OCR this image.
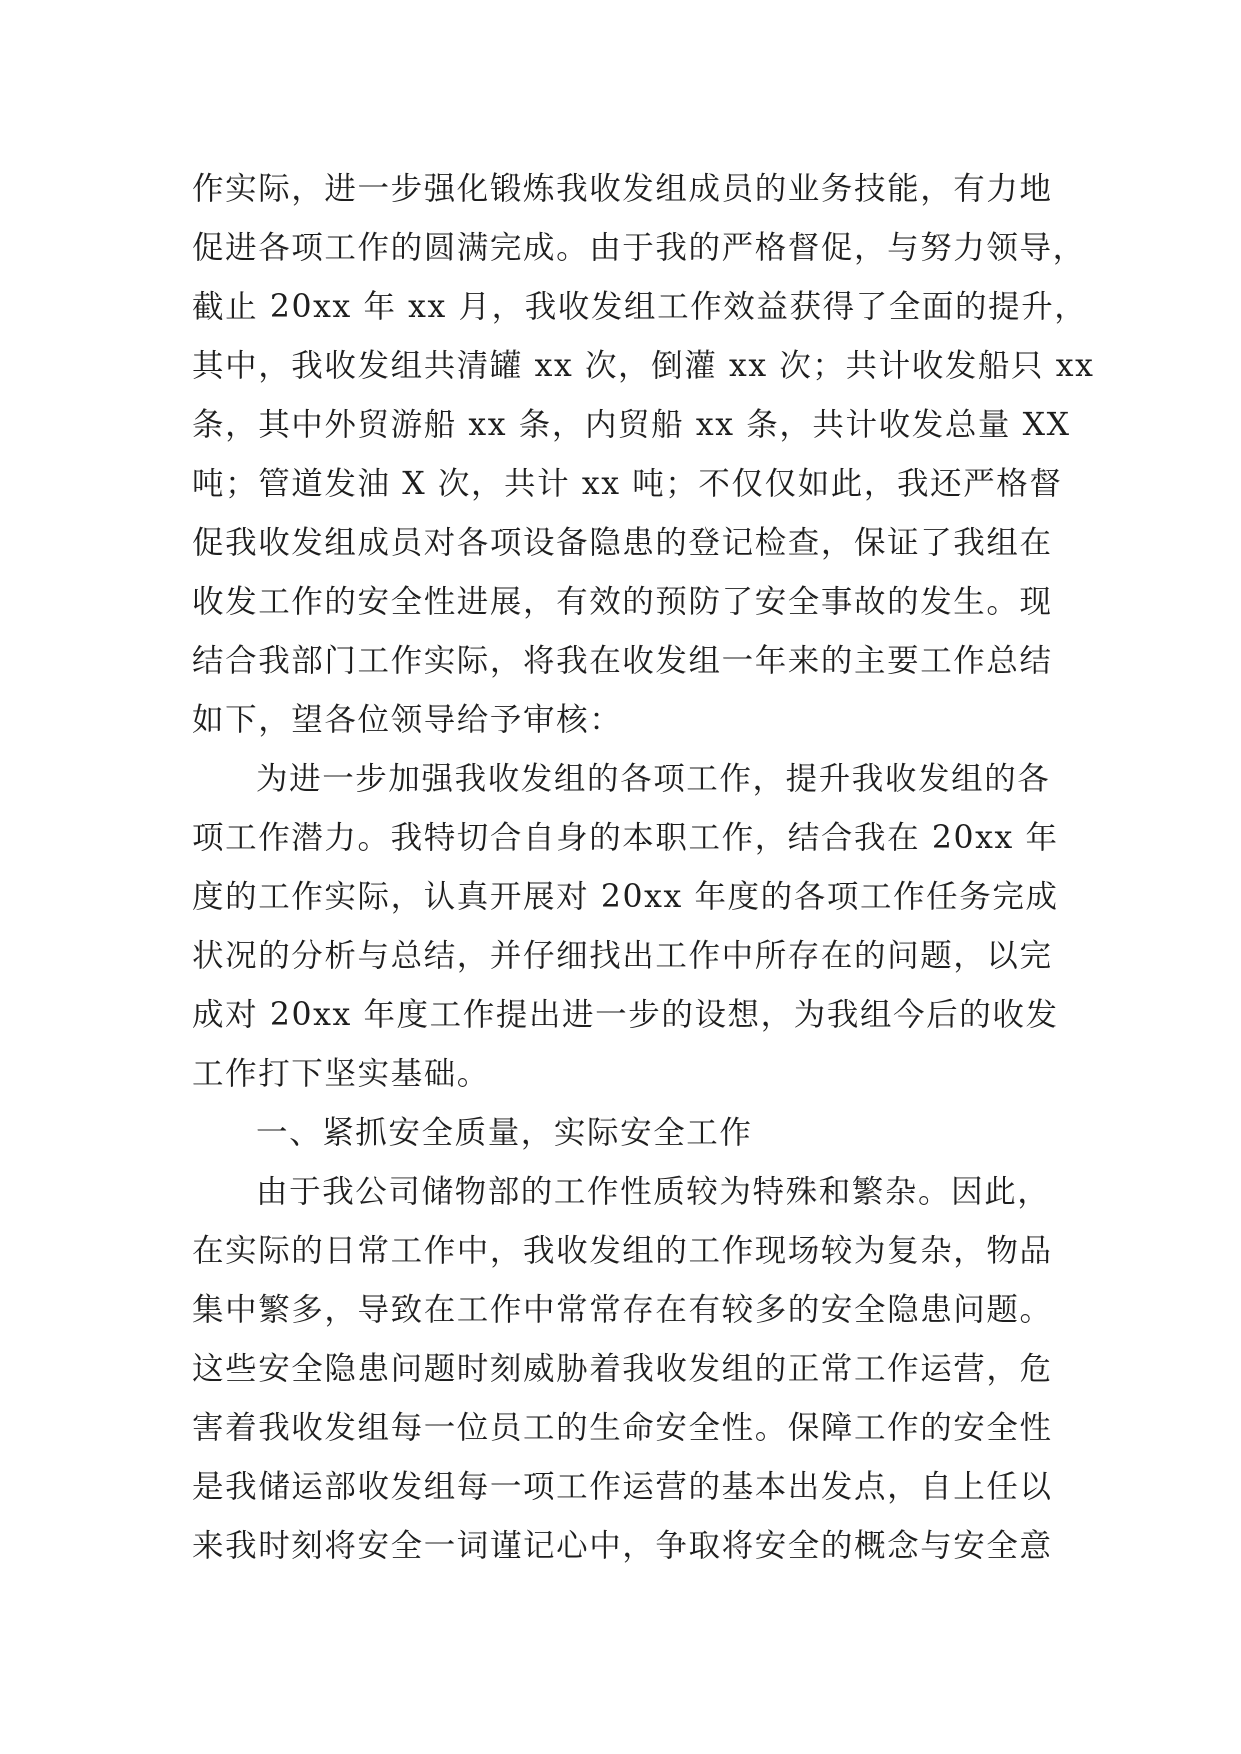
作实际，进一步强化锻炼我收发组成员的业务技能，有力地
促进各项工作的圆满完成。由于我的严格督促，与努力领导，
截止 20xx 年 xx 月，我收发组工作效益获得了全面的提升，
其中，我收发组共清罐 xx 次，倒灌 xx 次；共计收发船只 xx
条，其中外贸游船 xx 条，内贸船 xx 条，共计收发总量 XX
吨；管道发油 X 次，共计 xx 吨；不仅仅如此，我还严格督
促我收发组成员对各项设备隐患的登记检查，保证了我组在
收发工作的安全性进展，有效的预防了安全事故的发生。现
结合我部门工作实际，将我在收发组一年来的主要工作总结
如下，望各位领导给予审核：
为进一步加强我收发组的各项工作，提升我收发组的各
项工作潜力。我特切合自身的本职工作，结合我在 20xx 年
度的工作实际，认真开展对 20xx 年度的各项工作任务完成
状况的分析与总结，并仔细找出工作中所存在的问题，以完
成对 20xx 年度工作提出进一步的设想，为我组今后的收发
工作打下坚实基础。
一、紧抓安全质量，实际安全工作
由于我公司储物部的工作性质较为特殊和繁杂。因此，
在实际的日常工作中，我收发组的工作现场较为复杂，物品
集中繁多，导致在工作中常常存在有较多的安全隐患问题。
这些安全隐患问题时刻威胁着我收发组的正常工作运营，危
害着我收发组每一位员工的生命安全性。保障工作的安全性
是我储运部收发组每一项工作运营的基本出发点，自上任以
来我时刻将安全一词谨记心中，争取将安全的概念与安全意
